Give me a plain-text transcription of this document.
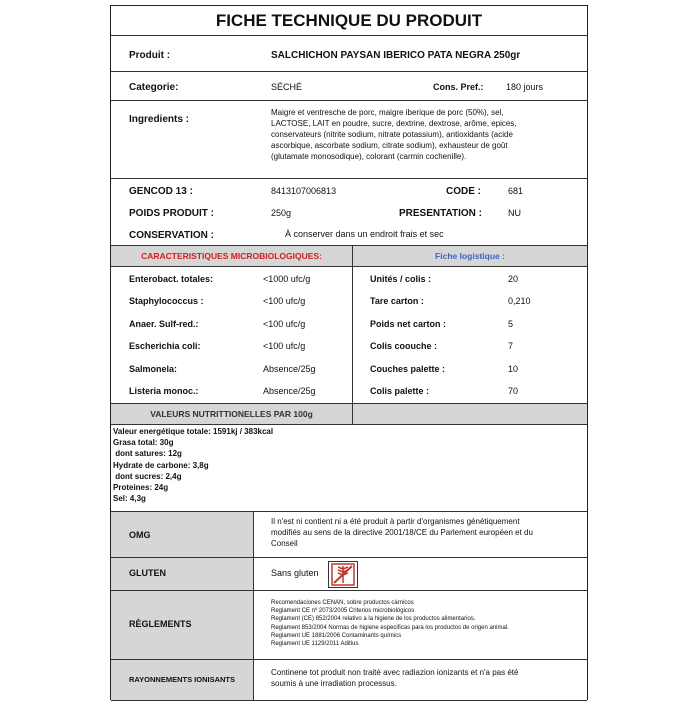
FICHE TECHNIQUE DU PRODUIT
Produit :	SALCHICHON PAYSAN IBERICO PATA NEGRA 250gr
Categorie:	SÉCHÉ	Cons. Pref.: 180 jours
Ingredients :
Maigre et ventresche de porc, maigre iberique de porc (50%), sel,
LACTOSE, LAIT en poudre, sucre, dextrine, dextrose, arôme, epices,
conservateurs (nitrite sodium, nitrate potassium), antioxidants (acide
ascorbique, ascorbate sodium, citrate sodium), exhausteur de goût
(glutamate monosodique), colorant (carmin cochenille).
GENCOD 13 :	8413107006813	CODE :	681
POIDS PRODUIT :	250g	PRESENTATION :	NU
CONSERVATION :	À conserver dans un endroit frais et sec
CARACTERISTIQUES MICROBIOLOGIQUES:	Fiche logistique :
Enterobact. totales:	<1000 ufc/g
Staphylococcus :	<100 ufc/g
Anaer. Sulf-red.:	<100 ufc/g
Escherichia coli:	<100 ufc/g
Salmonela:	Absence/25g
Listeria monoc.:	Absence/25g
Unités / colis :	20
Tare carton :	0,210
Poids net carton :	5
Colis coouche :	7
Couches palette :	10
Colis palette :	70
VALEURS NUTRITTIONELLES PAR 100g
Valeur energétique totale: 1591kj / 383kcal
Grasa total: 30g
dont satures: 12g
Hydrate de carbone: 3,8g
dont sucres: 2,4g
Proteines: 24g
Sel: 4,3g
OMG
Il n'est ni contient ni a été produit à partir d'organismes génétiquement
modifiés au sens de la directive 2001/18/CE du Parlement européen et du
Conseil
GLUTEN	Sans gluten
RÈGLEMENTS
Recomendaciones CENAN, sobre productos cárnicos
Reglament CE nº 2073/2005 Criterios microbiológicos
Reglament (CE) 852/2004 relativo a la higiene de los productos alimentarios.
Reglament 853/2004 Normas de higiene especificas para los productos de origen animal.
Reglament UE 1881/2006 Contaminants químics
Reglament UE 1129/2011 Aditius
RAYONNEMENTS IONISANTS
Continene tot produit non traité avec radiazion ionizants et n'a pas été
soumis à une irradiation processus.
